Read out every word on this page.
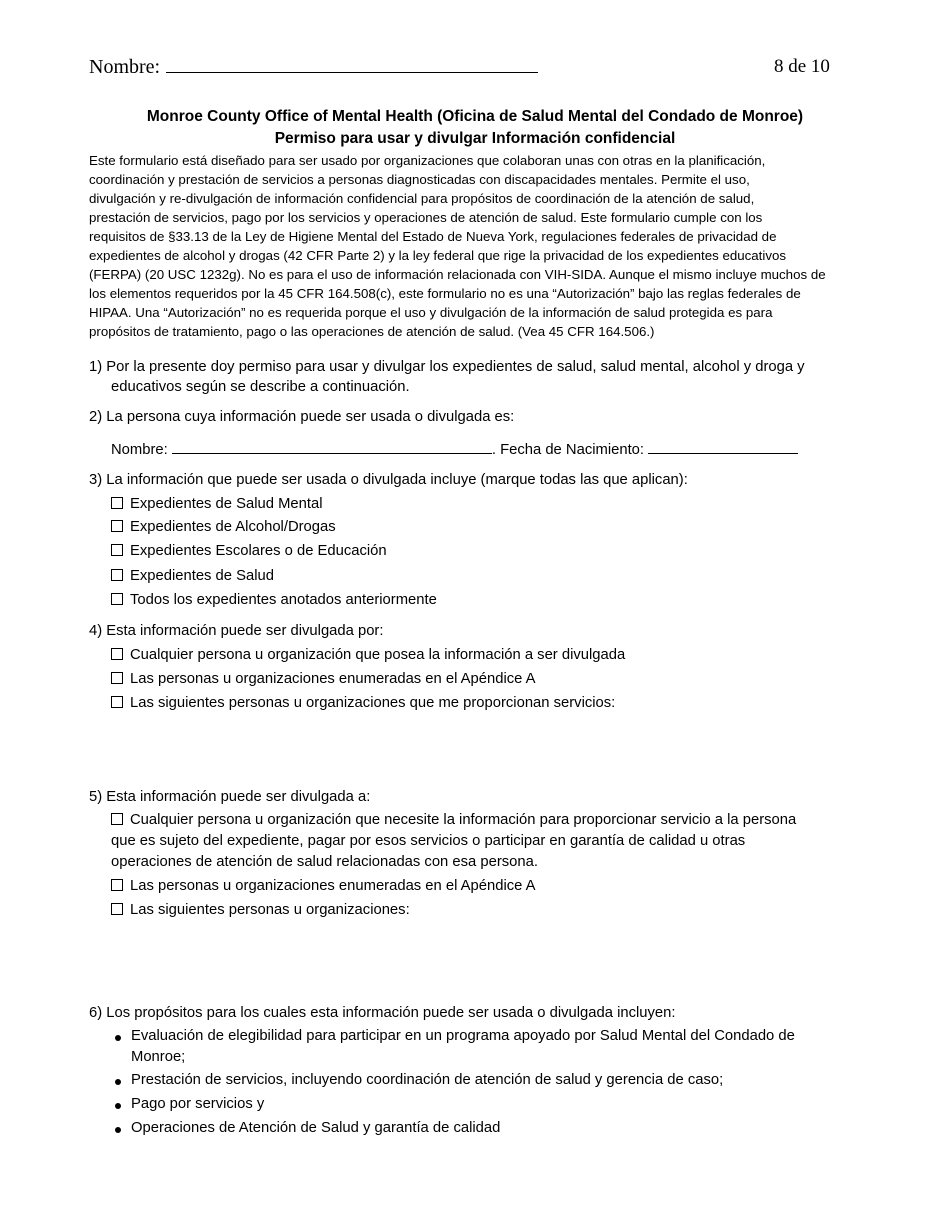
Nombre:	8 de 10
Monroe County Office of Mental Health (Oficina de Salud Mental del Condado de Monroe)
Permiso para usar y divulgar Información confidencial
Este formulario está diseñado para ser usado por organizaciones que colaboran unas con otras en la planificación,
coordinación y prestación de servicios a personas diagnosticadas con discapacidades mentales. Permite el uso,
divulgación y re-divulgación de información confidencial para propósitos de coordinación de la atención de salud,
prestación de servicios, pago por los servicios y operaciones de atención de salud. Este formulario cumple con los
requisitos de §33.13 de la Ley de Higiene Mental del Estado de Nueva York, regulaciones federales de privacidad de
expedientes de alcohol y drogas (42 CFR Parte 2) y la ley federal que rige la privacidad de los expedientes educativos
(FERPA) (20 USC 1232g). No es para el uso de información relacionada con VIH-SIDA. Aunque el mismo incluye muchos de
los elementos requeridos por la 45 CFR 164.508(c), este formulario no es una “Autorización” bajo las reglas federales de
HIPAA. Una “Autorización” no es requerida porque el uso y divulgación de la información de salud protegida es para
propósitos de tratamiento, pago o las operaciones de atención de salud. (Vea 45 CFR 164.506.)
1) Por la presente doy permiso para usar y divulgar los expedientes de salud, salud mental, alcohol y droga y
educativos según se describe a continuación.
2) La persona cuya información puede ser usada o divulgada es:
Nombre:	. Fecha de Nacimiento:
3) La información que puede ser usada o divulgada incluye (marque todas las que aplican):
Expedientes de Salud Mental
Expedientes de Alcohol/Drogas
Expedientes Escolares o de Educación
Expedientes de Salud
Todos los expedientes anotados anteriormente
4) Esta información puede ser divulgada por:
Cualquier persona u organización que posea la información a ser divulgada
Las personas u organizaciones enumeradas en el Apéndice A
Las siguientes personas u organizaciones que me proporcionan servicios:
5) Esta información puede ser divulgada a:
Cualquier persona u organización que necesite la información para proporcionar servicio a la persona
que es sujeto del expediente, pagar por esos servicios o participar en garantía de calidad u otras
operaciones de atención de salud relacionadas con esa persona.
Las personas u organizaciones enumeradas en el Apéndice A
Las siguientes personas u organizaciones:
6) Los propósitos para los cuales esta información puede ser usada o divulgada incluyen:
Evaluación de elegibilidad para participar en un programa apoyado por Salud Mental del Condado de
Monroe;
Prestación de servicios, incluyendo coordinación de atención de salud y gerencia de caso;
Pago por servicios y
Operaciones de Atención de Salud y garantía de calidad
